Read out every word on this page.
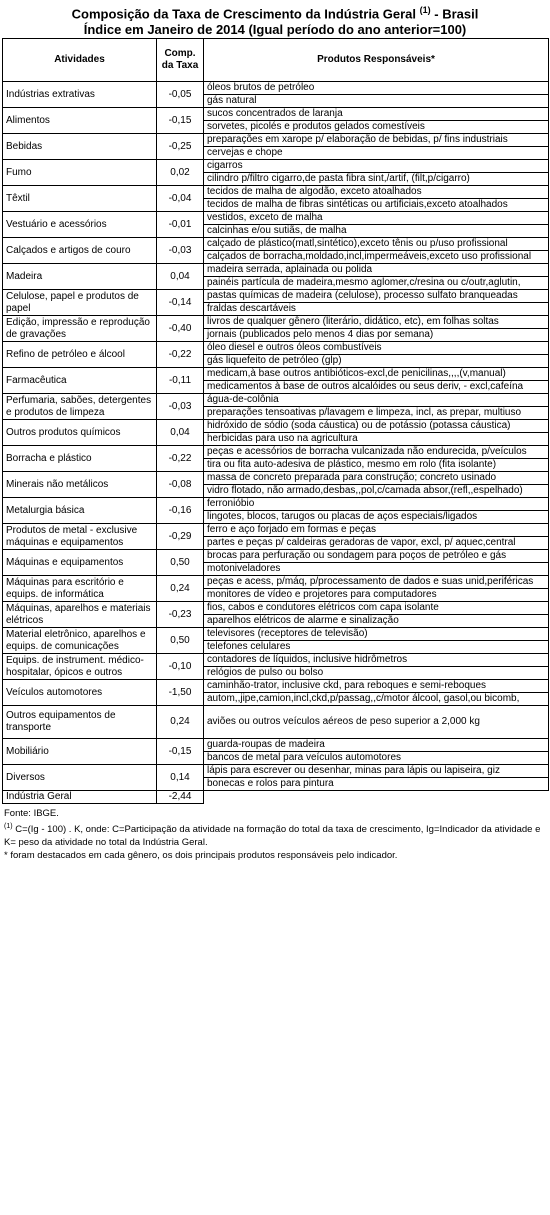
Composição da Taxa de Crescimento da Indústria Geral $^{(1)}$ - Brasil
Índice em Janeiro de 2014 (Igual período do ano anterior=100)
Atividades	Comp. da Taxa	Produtos Responsáveis*
Indústrias extrativas	-0,05	óleos brutos de petróleo
		gás natural
Alimentos	-0,15	sucos concentrados de laranja
		sorvetes, picolés e produtos gelados comestíveis
Bebidas	-0,25	preparações em xarope p/ elaboração de bebidas, p/ fins industriais
		cervejas e chope
Fumo	0,02	cigarros
		cilindro p/filtro cigarro,de pasta fibra sint,/artif, (filt,p/cigarro)
Têxtil	-0,04	tecidos de malha de algodão, exceto atoalhados
		tecidos de malha de fibras sintéticas ou artificiais,exceto atoalhados
Vestuário e acessórios	-0,01	vestidos, exceto de malha
		calcinhas e/ou sutiãs, de malha
Calçados e artigos de couro	-0,03	calçado de plástico(matl,sintético),exceto tênis ou p/uso profissional
		calçados de borracha,moldado,incl,impermeáveis,exceto uso profissional
Madeira	0,04	madeira serrada, aplainada ou polida
		painéis partícula de madeira,mesmo aglomer,c/resina ou c/outr,aglutin,
Celulose, papel e produtos de papel	-0,14	pastas químicas de madeira (celulose), processo sulfato branqueadas
		fraldas descartáveis
Edição, impressão e reprodução de gravações	-0,40	livros de qualquer gênero (literário, didático, etc), em folhas soltas
		jornais (publicados pelo menos 4 dias por semana)
Refino de petróleo e álcool	-0,22	óleo diesel e outros óleos combustíveis
		gás liquefeito de petróleo (glp)
Farmacêutica	-0,11	medicam,à base outros antibióticos-excl,de penicilinas,,,,(v,manual)
		medicamentos à base de outros alcalóides ou seus deriv, - excl,cafeína
Perfumaria, sabões, detergentes e produtos de limpeza	-0,03	água-de-colônia
		preparações tensoativas p/lavagem e limpeza, incl, as prepar, multiuso
Outros produtos químicos	0,04	hidróxido de sódio (soda cáustica) ou de potássio (potassa cáustica)
		herbicidas para uso na agricultura
Borracha e plástico	-0,22	peças e acessórios de borracha vulcanizada não endurecida, p/veículos
		tira ou fita auto-adesiva de plástico, mesmo em rolo (fita isolante)
Minerais não metálicos	-0,08	massa de concreto preparada para construção; concreto usinado
		vidro flotado, não armado,desbas,,pol,c/camada absor,(refl,,espelhado)
Metalurgia básica	-0,16	ferronióbio
		lingotes, blocos, tarugos ou placas de aços especiais/ligados
Produtos de metal - exclusive máquinas e equipamentos	-0,29	ferro e aço forjado em formas e peças
		partes e peças p/ caldeiras geradoras de vapor, excl, p/ aquec,central
Máquinas e equipamentos	0,50	brocas para perfuração ou sondagem para poços de petróleo e gás
		motoniveladores
Máquinas para escritório e equips. de informática	0,24	peças e acess, p/máq, p/processamento de dados e suas unid,periféricas
		monitores de vídeo e projetores para computadores
Máquinas, aparelhos e materiais elétricos	-0,23	fios, cabos e condutores elétricos com capa isolante
		aparelhos elétricos de alarme e sinalização
Material eletrônico, aparelhos e equips. de comunicações	0,50	televisores (receptores de televisão)
		telefones celulares
Equips. de instrument. médico-hospitalar, ópicos e outros	-0,10	contadores de líquidos, inclusive hidrômetros
		relógios de pulso ou bolso
Veículos automotores	-1,50	caminhão-trator, inclusive ckd, para reboques e semi-reboques
		autom,,jipe,camion,incl,ckd,p/passag,,c/motor álcool, gasol,ou bicomb,
Outros equipamentos de transporte	0,24	aviões ou outros veículos aéreos de peso superior a 2,000 kg
Mobiliário	-0,15	guarda-roupas de madeira
		bancos de metal para veículos automotores
Diversos	0,14	lápis para escrever ou desenhar, minas para lápis ou lapiseira, giz
		bonecas e rolos para pintura
Indústria Geral	-2,44	
Fonte: IBGE.
$^{(1)}$ C=(Ig - 100) . K, onde: C=Participação da atividade na formação do total da taxa de crescimento, Ig=Indicador da atividade e K= peso da atividade no total da Indústria Geral.
* foram destacados em cada gênero, os dois principais produtos responsáveis pelo indicador.
